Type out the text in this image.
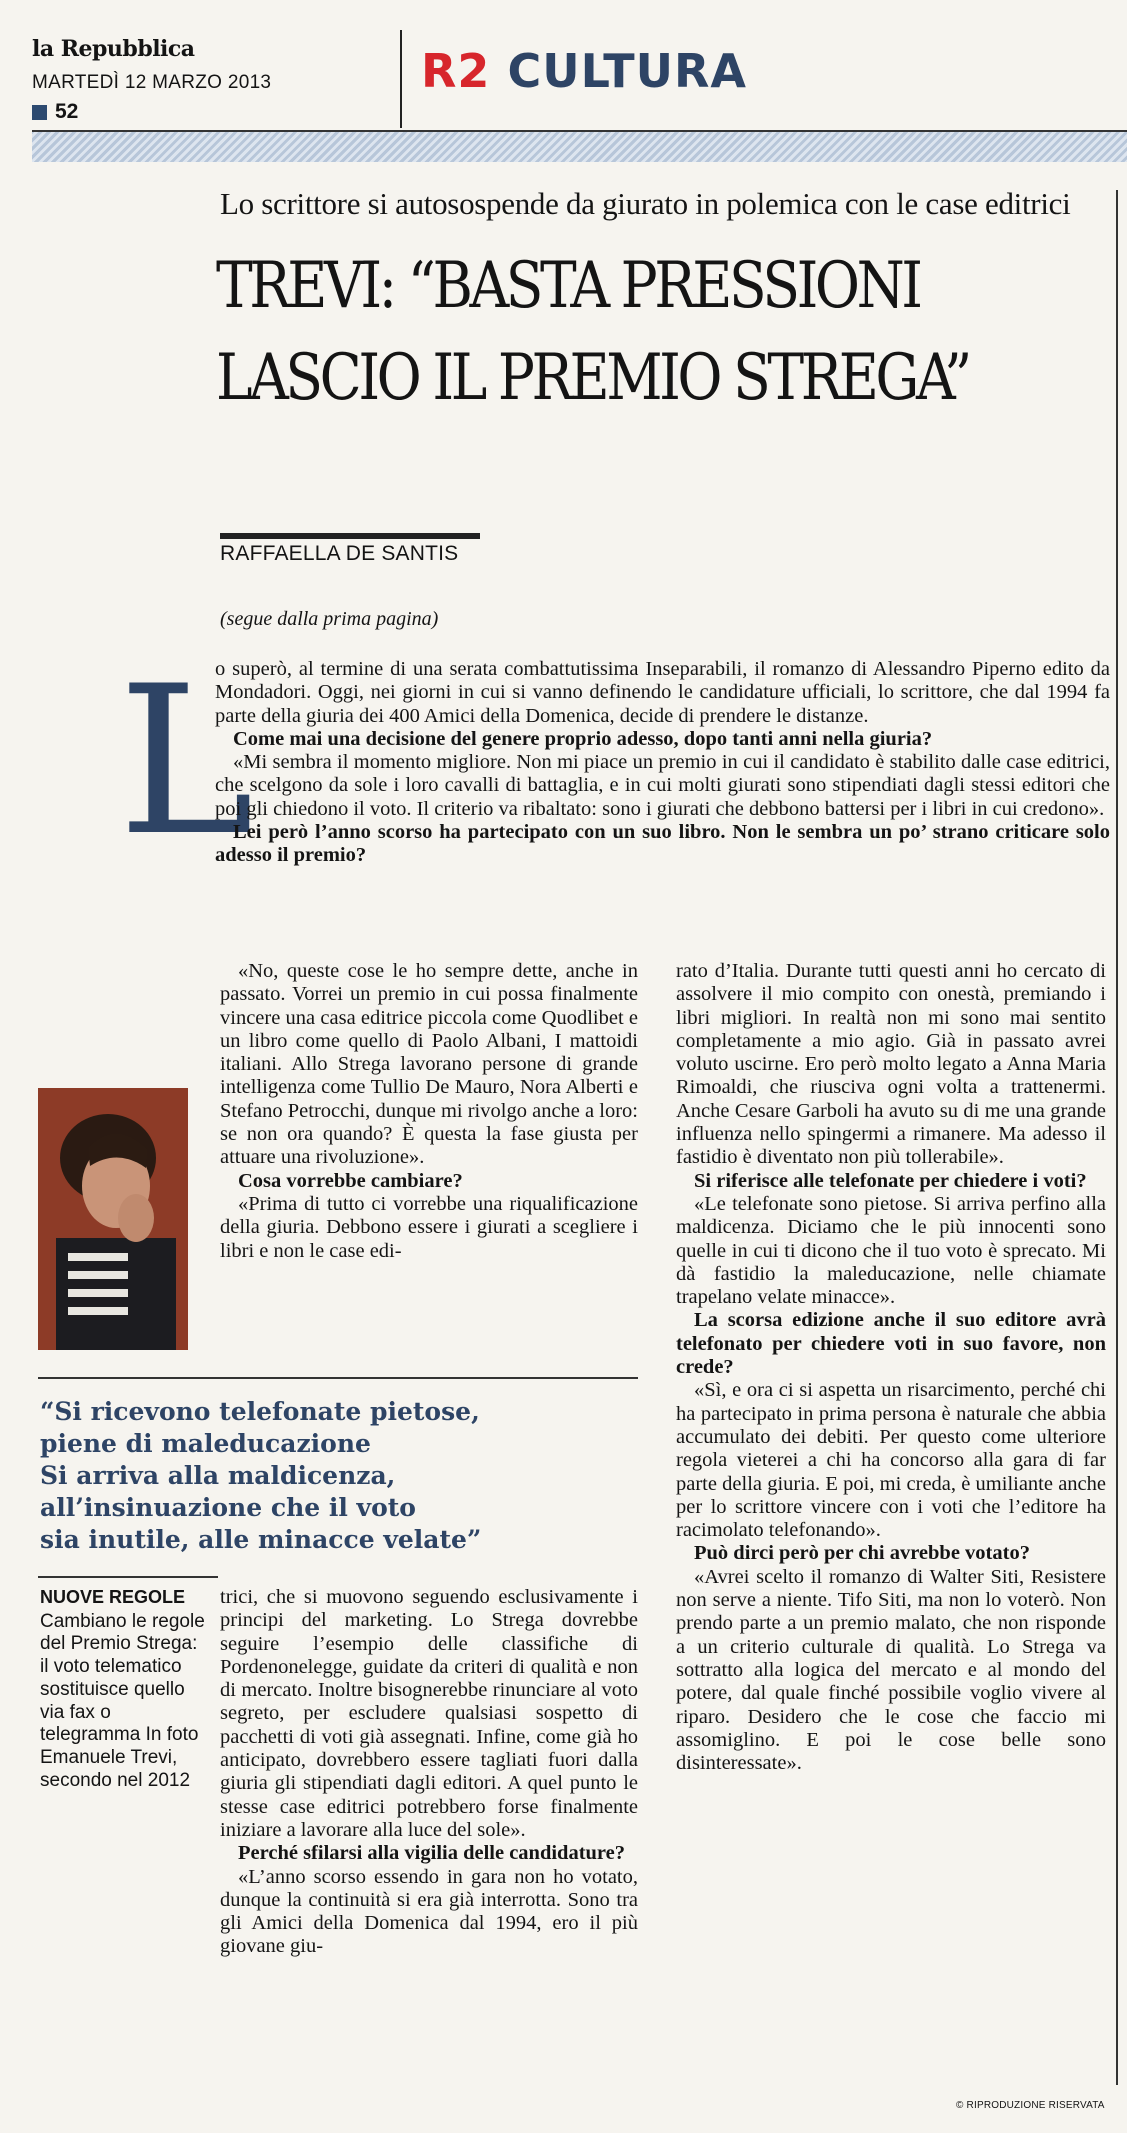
la Repubblica
MARTEDÌ 12 MARZO 2013
52
R2 CULTURA
Lo scrittore si autosospende da giurato in polemica con le case editrici
TREVI: “BASTA PRESSIONI
LASCIO IL PREMIO STREGA”
RAFFAELLA DE SANTIS
(segue dalla prima pagina)
L

o superò, al termine di una serata combattutissima Inseparabili, il romanzo di Alessandro Piperno edito da Mondadori. Oggi, nei giorni in cui si vanno definendo le candidature ufficiali, lo scrittore, che dal 1994 fa parte della giuria dei 400 Amici della Domenica, decide di prendere le distanze.

Come mai una decisione del genere proprio adesso, dopo tanti anni nella giuria?

«Mi sembra il momento migliore. Non mi piace un premio in cui il candidato è stabilito dalle case editrici, che scelgono da sole i loro cavalli di battaglia, e in cui molti giurati sono stipendiati dagli stessi editori che poi gli chiedono il voto. Il criterio va ribaltato: sono i giurati che debbono battersi per i libri in cui credono».

Lei però l’anno scorso ha partecipato con un suo libro. Non le sembra un po’ strano criticare solo adesso il premio?

«No, queste cose le ho sempre dette, anche in passato. Vorrei un premio in cui possa finalmente vincere una casa editrice piccola come Quodlibet e un libro come quello di Paolo Albani, I mattoidi italiani. Allo Strega lavorano persone di grande intelligenza come Tullio De Mauro, Nora Alberti e Stefano Petrocchi, dunque mi rivolgo anche a loro: se non ora quando? È questa la fase giusta per attuare una rivoluzione».

Cosa vorrebbe cambiare?

«Prima di tutto ci vorrebbe una riqualificazione della giuria. Debbono essere i giurati a scegliere i libri e non le case edi-

“Si ricevono telefonate pietose,
piene di maleducazione
Si arriva alla maldicenza,
all’insinuazione che il voto
sia inutile, alle minacce velate”
NUOVE REGOLE
Cambiano le regole del Premio Strega: il voto telematico sostituisce quello via fax o telegramma In foto Emanuele Trevi, secondo nel 2012

trici, che si muovono seguendo esclusivamente i principi del marketing. Lo Strega dovrebbe seguire l’esempio delle classifiche di Pordenonelegge, guidate da criteri di qualità e non di mercato. Inoltre bisognerebbe rinunciare al voto segreto, per escludere qualsiasi sospetto di pacchetti di voti già assegnati. Infine, come già ho anticipato, dovrebbero essere tagliati fuori dalla giuria gli stipendiati dagli editori. A quel punto le stesse case editrici potrebbero forse finalmente iniziare a lavorare alla luce del sole».

Perché sfilarsi alla vigilia delle candidature?

«L’anno scorso essendo in gara non ho votato, dunque la continuità si era già interrotta. Sono tra gli Amici della Domenica dal 1994, ero il più giovane giu-

rato d’Italia. Durante tutti questi anni ho cercato di assolvere il mio compito con onestà, premiando i libri migliori. In realtà non mi sono mai sentito completamente a mio agio. Già in passato avrei voluto uscirne. Ero però molto legato a Anna Maria Rimoaldi, che riusciva ogni volta a trattenermi. Anche Cesare Garboli ha avuto su di me una grande influenza nello spingermi a rimanere. Ma adesso il fastidio è diventato non più tollerabile».

Si riferisce alle telefonate per chiedere i voti?

«Le telefonate sono pietose. Si arriva perfino alla maldicenza. Diciamo che le più innocenti sono quelle in cui ti dicono che il tuo voto è sprecato. Mi dà fastidio la maleducazione, nelle chiamate trapelano velate minacce».

La scorsa edizione anche il suo editore avrà telefonato per chiedere voti in suo favore, non crede?

«Sì, e ora ci si aspetta un risarcimento, perché chi ha partecipato in prima persona è naturale che abbia accumulato dei debiti. Per questo come ulteriore regola vieterei a chi ha concorso alla gara di far parte della giuria. E poi, mi creda, è umiliante anche per lo scrittore vincere con i voti che l’editore ha racimolato telefonando».

Può dirci però per chi avrebbe votato?

«Avrei scelto il romanzo di Walter Siti, Resistere non serve a niente. Tifo Siti, ma non lo voterò. Non prendo parte a un premio malato, che non risponde a un criterio culturale di qualità. Lo Strega va sottratto alla logica del mercato e al mondo del potere, dal quale finché possibile voglio vivere al riparo. Desidero che le cose che faccio mi assomiglino. E poi le cose belle sono disinteressate».

© RIPRODUZIONE RISERVATA
